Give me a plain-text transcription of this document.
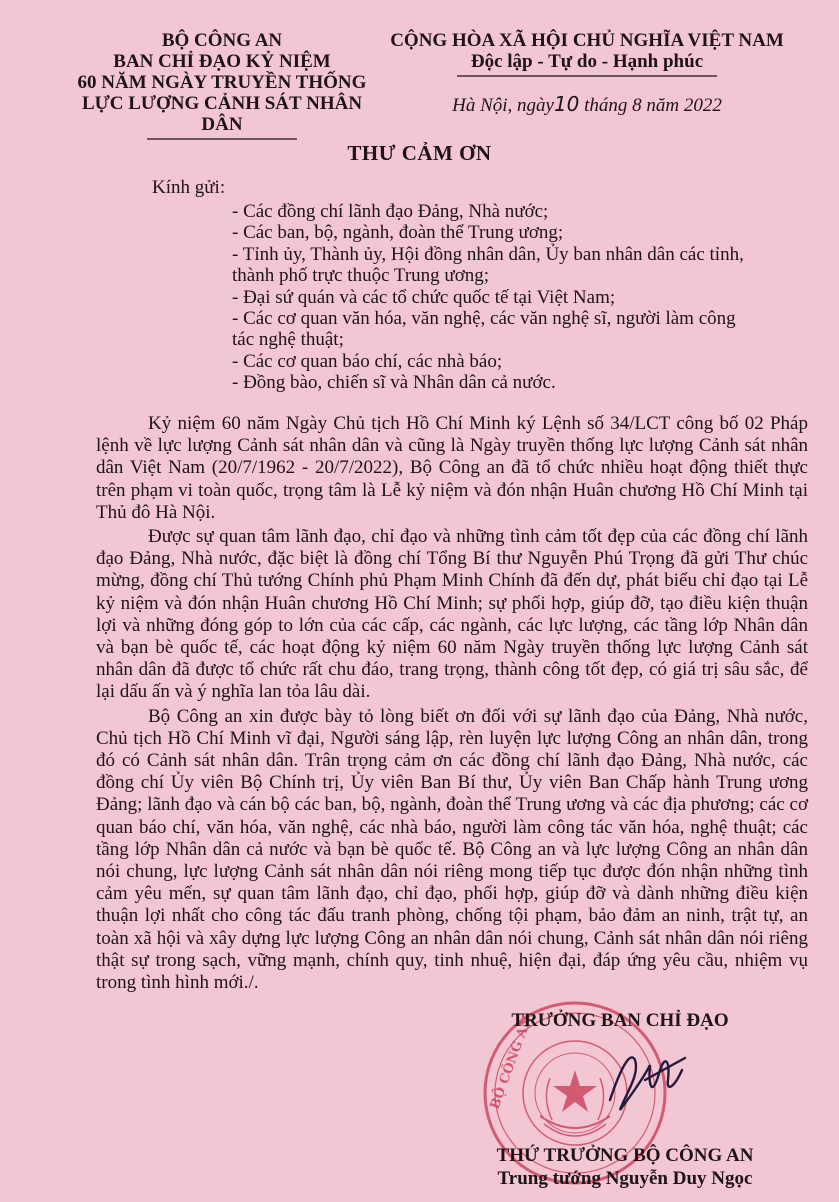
BỘ CÔNG AN
BAN CHỈ ĐẠO KỶ NIỆM
60 NĂM NGÀY TRUYỀN THỐNG
LỰC LƯỢNG CẢNH SÁT NHÂN DÂN
CỘNG HÒA XÃ HỘI CHỦ NGHĨA VIỆT NAM
Độc lập - Tự do - Hạnh phúc
Hà Nội, ngày10 tháng 8 năm 2022
THƯ CẢM ƠN
Kính gửi:
- Các đồng chí lãnh đạo Đảng, Nhà nước;
- Các ban, bộ, ngành, đoàn thể Trung ương;
- Tỉnh ủy, Thành ủy, Hội đồng nhân dân, Ủy ban nhân dân các tỉnh,
thành phố trực thuộc Trung ương;
- Đại sứ quán và các tổ chức quốc tế tại Việt Nam;
- Các cơ quan văn hóa, văn nghệ, các văn nghệ sĩ, người làm công
tác nghệ thuật;
- Các cơ quan báo chí, các nhà báo;
- Đồng bào, chiến sĩ và Nhân dân cả nước.

Kỷ niệm 60 năm Ngày Chủ tịch Hồ Chí Minh ký Lệnh số 34/LCT công bố 02 Pháp lệnh về lực lượng Cảnh sát nhân dân và cũng là Ngày truyền thống lực lượng Cảnh sát nhân dân Việt Nam (20/7/1962 - 20/7/2022), Bộ Công an đã tổ chức nhiều hoạt động thiết thực trên phạm vi toàn quốc, trọng tâm là Lễ kỷ niệm và đón nhận Huân chương Hồ Chí Minh tại Thủ đô Hà Nội.

Được sự quan tâm lãnh đạo, chỉ đạo và những tình cảm tốt đẹp của các đồng chí lãnh đạo Đảng, Nhà nước, đặc biệt là đồng chí Tổng Bí thư Nguyễn Phú Trọng đã gửi Thư chúc mừng, đồng chí Thủ tướng Chính phủ Phạm Minh Chính đã đến dự, phát biểu chỉ đạo tại Lễ kỷ niệm và đón nhận Huân chương Hồ Chí Minh; sự phối hợp, giúp đỡ, tạo điều kiện thuận lợi và những đóng góp to lớn của các cấp, các ngành, các lực lượng, các tầng lớp Nhân dân và bạn bè quốc tế, các hoạt động kỷ niệm 60 năm Ngày truyền thống lực lượng Cảnh sát nhân dân đã được tổ chức rất chu đáo, trang trọng, thành công tốt đẹp, có giá trị sâu sắc, để lại dấu ấn và ý nghĩa lan tỏa lâu dài.

Bộ Công an xin được bày tỏ lòng biết ơn đối với sự lãnh đạo của Đảng, Nhà nước, Chủ tịch Hồ Chí Minh vĩ đại, Người sáng lập, rèn luyện lực lượng Công an nhân dân, trong đó có Cảnh sát nhân dân. Trân trọng cảm ơn các đồng chí lãnh đạo Đảng, Nhà nước, các đồng chí Ủy viên Bộ Chính trị, Ủy viên Ban Bí thư, Ủy viên Ban Chấp hành Trung ương Đảng; lãnh đạo và cán bộ các ban, bộ, ngành, đoàn thể Trung ương và các địa phương; các cơ quan báo chí, văn hóa, văn nghệ, các nhà báo, người làm công tác văn hóa, nghệ thuật; các tầng lớp Nhân dân cả nước và bạn bè quốc tế. Bộ Công an và lực lượng Công an nhân dân nói chung, lực lượng Cảnh sát nhân dân nói riêng mong tiếp tục được đón nhận những tình cảm yêu mến, sự quan tâm lãnh đạo, chỉ đạo, phối hợp, giúp đỡ và dành những điều kiện thuận lợi nhất cho công tác đấu tranh phòng, chống tội phạm, bảo đảm an ninh, trật tự, an toàn xã hội và xây dựng lực lượng Công an nhân dân nói chung, Cảnh sát nhân dân nói riêng thật sự trong sạch, vững mạnh, chính quy, tinh nhuệ, hiện đại, đáp ứng yêu cầu, nhiệm vụ trong tình hình mới./.

BỘ CÔNG AN
TRƯỞNG BAN CHỈ ĐẠO
THỨ TRƯỞNG BỘ CÔNG AN
Trung tướng Nguyễn Duy Ngọc
